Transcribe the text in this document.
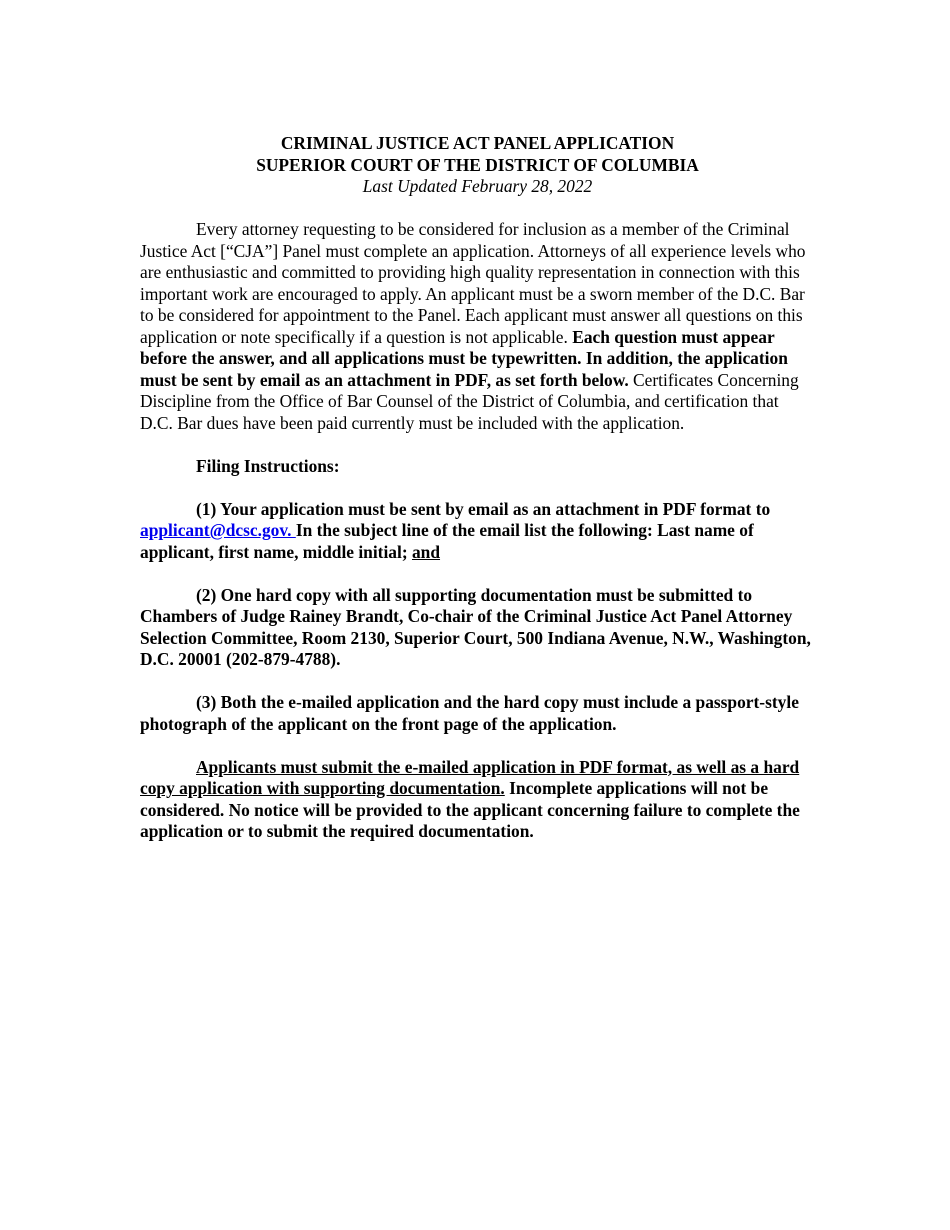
CRIMINAL JUSTICE ACT PANEL APPLICATION
SUPERIOR COURT OF THE DISTRICT OF COLUMBIA
Last Updated February 28, 2022

Every attorney requesting to be considered for inclusion as a member of the Criminal Justice Act [“CJA”] Panel must complete an application. Attorneys of all experience levels who are enthusiastic and committed to providing high quality representation in connection with this important work are encouraged to apply. An applicant must be a sworn member of the D.C. Bar to be considered for appointment to the Panel. Each applicant must answer all questions on this application or note specifically if a question is not applicable. Each question must appear before the answer, and all applications must be typewritten. In addition, the application must be sent by email as an attachment in PDF, as set forth below. Certificates Concerning Discipline from the Office of Bar Counsel of the District of Columbia, and certification that D.C. Bar dues have been paid currently must be included with the application.

Filing Instructions:

(1) Your application must be sent by email as an attachment in PDF format to applicant@dcsc.gov. In the subject line of the email list the following: Last name of applicant, first name, middle initial; and

(2) One hard copy with all supporting documentation must be submitted to Chambers of Judge Rainey Brandt, Co-chair of the Criminal Justice Act Panel Attorney Selection Committee, Room 2130, Superior Court, 500 Indiana Avenue, N.W., Washington, D.C. 20001 (202-879-4788).

(3) Both the e-mailed application and the hard copy must include a passport-style photograph of the applicant on the front page of the application.

Applicants must submit the e-mailed application in PDF format, as well as a hard copy application with supporting documentation. Incomplete applications will not be considered. No notice will be provided to the applicant concerning failure to complete the application or to submit the required documentation.
